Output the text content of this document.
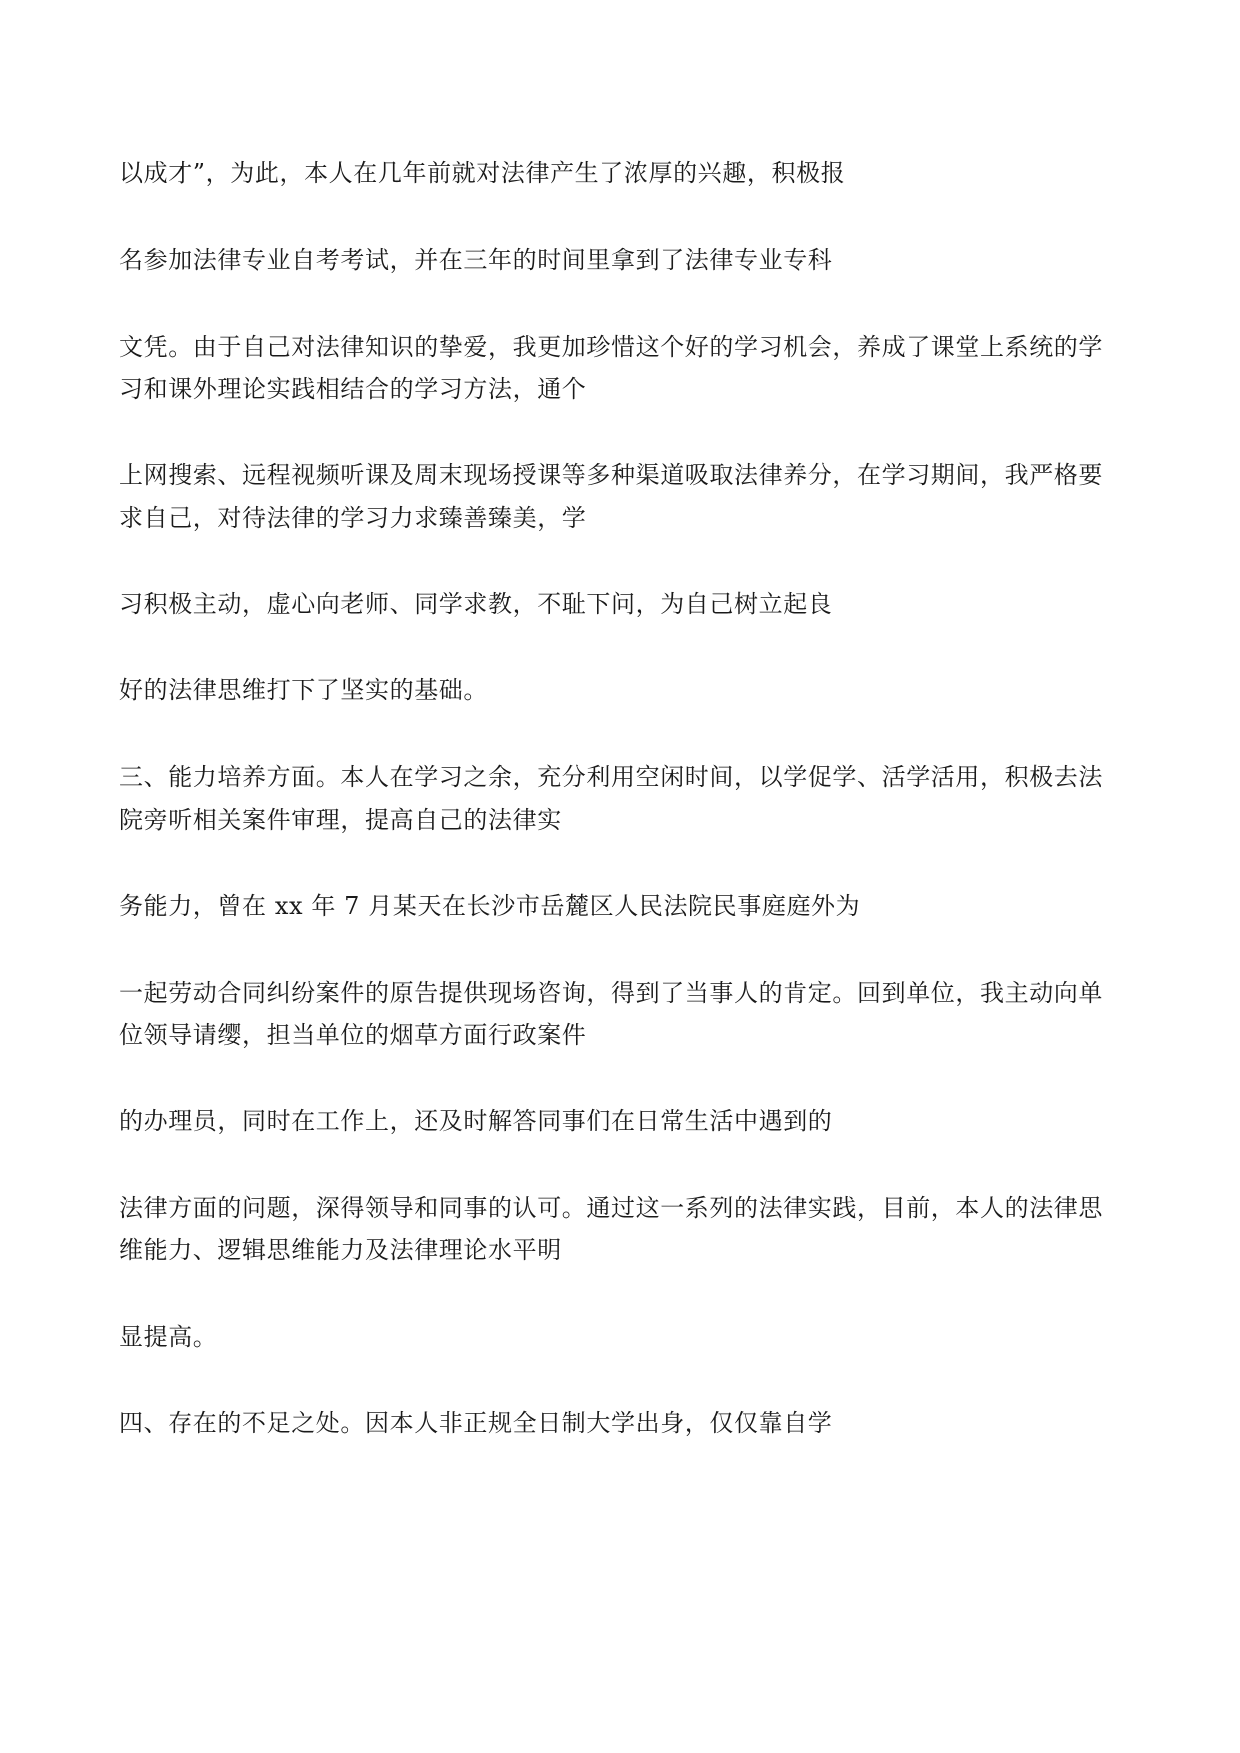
以成才”，为此，本人在几年前就对法律产生了浓厚的兴趣，积极报
名参加法律专业自考考试，并在三年的时间里拿到了法律专业专科
文凭。由于自己对法律知识的挚爱，我更加珍惜这个好的学习机会，养成了课堂上系统的学
习和课外理论实践相结合的学习方法，通个
上网搜索、远程视频听课及周末现场授课等多种渠道吸取法律养分，在学习期间，我严格要
求自己，对待法律的学习力求臻善臻美，学
习积极主动，虚心向老师、同学求教，不耻下问，为自己树立起良
好的法律思维打下了坚实的基础。
三、能力培养方面。本人在学习之余，充分利用空闲时间，以学促学、活学活用，积极去法
院旁听相关案件审理，提高自己的法律实
务能力，曾在 xx 年 7 月某天在长沙市岳麓区人民法院民事庭庭外为
一起劳动合同纠纷案件的原告提供现场咨询，得到了当事人的肯定。回到单位，我主动向单
位领导请缨，担当单位的烟草方面行政案件
的办理员，同时在工作上，还及时解答同事们在日常生活中遇到的
法律方面的问题，深得领导和同事的认可。通过这一系列的法律实践，目前，本人的法律思
维能力、逻辑思维能力及法律理论水平明
显提高。
四、存在的不足之处。因本人非正规全日制大学出身，仅仅靠自学
